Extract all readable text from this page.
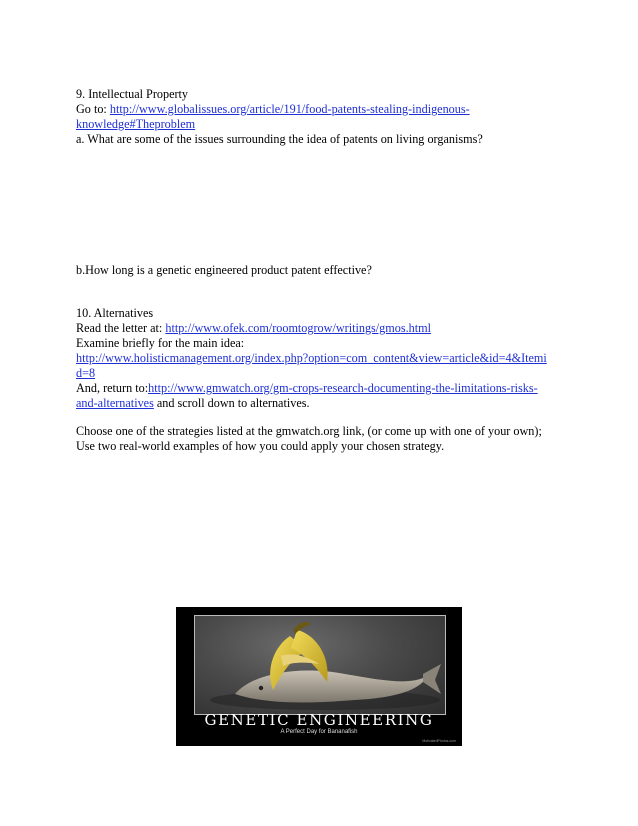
9. Intellectual Property
Go to: http://www.globalissues.org/article/191/food-patents-stealing-indigenous-
knowledge#Theproblem
a. What are some of the issues surrounding the idea of patents on living organisms?
b.How long is a genetic engineered product patent effective?
10. Alternatives
Read the letter at: http://www.ofek.com/roomtogrow/writings/gmos.html
Examine briefly for the main idea:
http://www.holisticmanagement.org/index.php?option=com_content&view=article&id=4&Itemi
d=8
And, return to:http://www.gmwatch.org/gm-crops-research-documenting-the-limitations-risks-
and-alternatives and scroll down to alternatives.
Choose one of the strategies listed at the gmwatch.org link, (or come up with one of your own);
Use two real-world examples of how you could apply your chosen strategy.
GENETIC ENGINEERING
A Perfect Day for Bananafish
MotivatedPhotos.com
